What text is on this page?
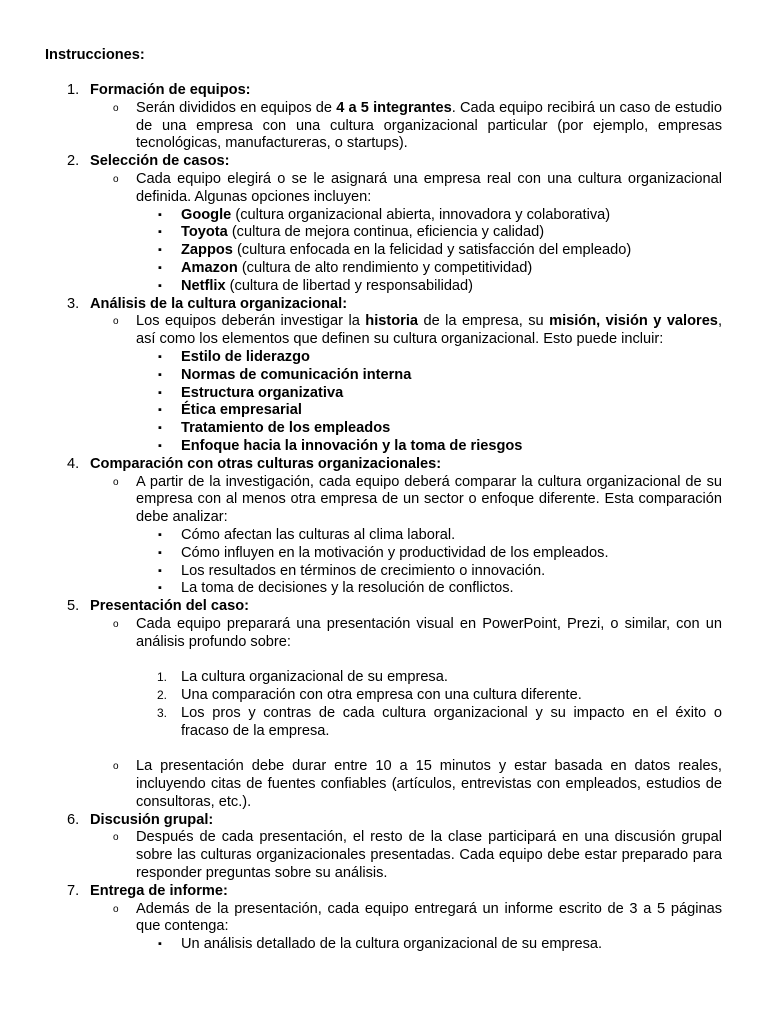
Instrucciones:
1. Formación de equipos:
o Serán divididos en equipos de 4 a 5 integrantes. Cada equipo recibirá un caso de estudio de una empresa con una cultura organizacional particular (por ejemplo, empresas tecnológicas, manufactureras, o startups).
2. Selección de casos:
o Cada equipo elegirá o se le asignará una empresa real con una cultura organizacional definida. Algunas opciones incluyen:
▪ Google (cultura organizacional abierta, innovadora y colaborativa)
▪ Toyota (cultura de mejora continua, eficiencia y calidad)
▪ Zappos (cultura enfocada en la felicidad y satisfacción del empleado)
▪ Amazon (cultura de alto rendimiento y competitividad)
▪ Netflix (cultura de libertad y responsabilidad)
3. Análisis de la cultura organizacional:
o Los equipos deberán investigar la historia de la empresa, su misión, visión y valores, así como los elementos que definen su cultura organizacional. Esto puede incluir:
▪ Estilo de liderazgo
▪ Normas de comunicación interna
▪ Estructura organizativa
▪ Ética empresarial
▪ Tratamiento de los empleados
▪ Enfoque hacia la innovación y la toma de riesgos
4. Comparación con otras culturas organizacionales:
o A partir de la investigación, cada equipo deberá comparar la cultura organizacional de su empresa con al menos otra empresa de un sector o enfoque diferente. Esta comparación debe analizar:
▪ Cómo afectan las culturas al clima laboral.
▪ Cómo influyen en la motivación y productividad de los empleados.
▪ Los resultados en términos de crecimiento o innovación.
▪ La toma de decisiones y la resolución de conflictos.
5. Presentación del caso:
o Cada equipo preparará una presentación visual en PowerPoint, Prezi, o similar, con un análisis profundo sobre:
1. La cultura organizacional de su empresa.
2. Una comparación con otra empresa con una cultura diferente.
3. Los pros y contras de cada cultura organizacional y su impacto en el éxito o fracaso de la empresa.
o La presentación debe durar entre 10 a 15 minutos y estar basada en datos reales, incluyendo citas de fuentes confiables (artículos, entrevistas con empleados, estudios de consultoras, etc.).
6. Discusión grupal:
o Después de cada presentación, el resto de la clase participará en una discusión grupal sobre las culturas organizacionales presentadas. Cada equipo debe estar preparado para responder preguntas sobre su análisis.
7. Entrega de informe:
o Además de la presentación, cada equipo entregará un informe escrito de 3 a 5 páginas que contenga:
▪ Un análisis detallado de la cultura organizacional de su empresa.
